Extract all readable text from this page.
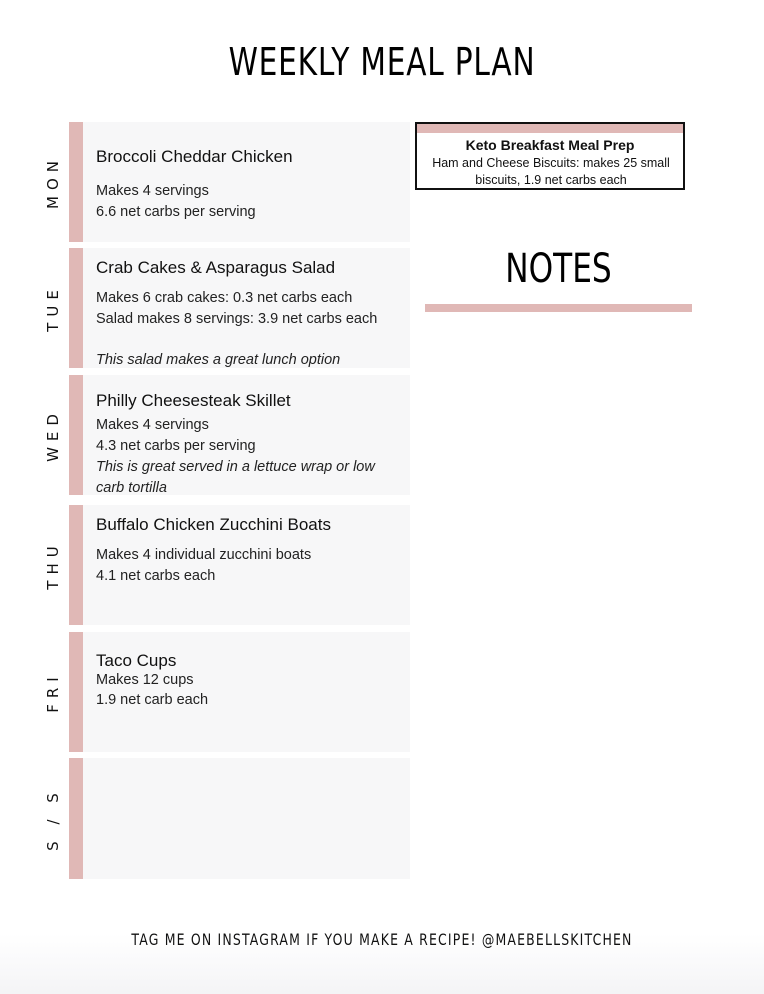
WEEKLY MEAL PLAN
MON Broccoli Cheddar Chicken
Makes 4 servings
6.6 net carbs per serving
TUE
Crab Cakes & Asparagus Salad
Makes 6 crab cakes: 0.3 net carbs each
Salad makes 8 servings: 3.9 net carbs each
This salad makes a great lunch option
WED
Philly Cheesesteak Skillet
Makes 4 servings
4.3 net carbs per serving
This is great served in a lettuce wrap or low carb tortilla
THU
Buffalo Chicken Zucchini Boats
Makes 4 individual zucchini boats
4.1 net carbs each
FRI
Taco Cups
Makes 12 cups
1.9 net carb each
S / S
Keto Breakfast Meal Prep
Ham and Cheese Biscuits: makes 25 small biscuits, 1.9 net carbs each
NOTES
TAG ME ON INSTAGRAM IF YOU MAKE A RECIPE! @MAEBELLSKITCHEN
